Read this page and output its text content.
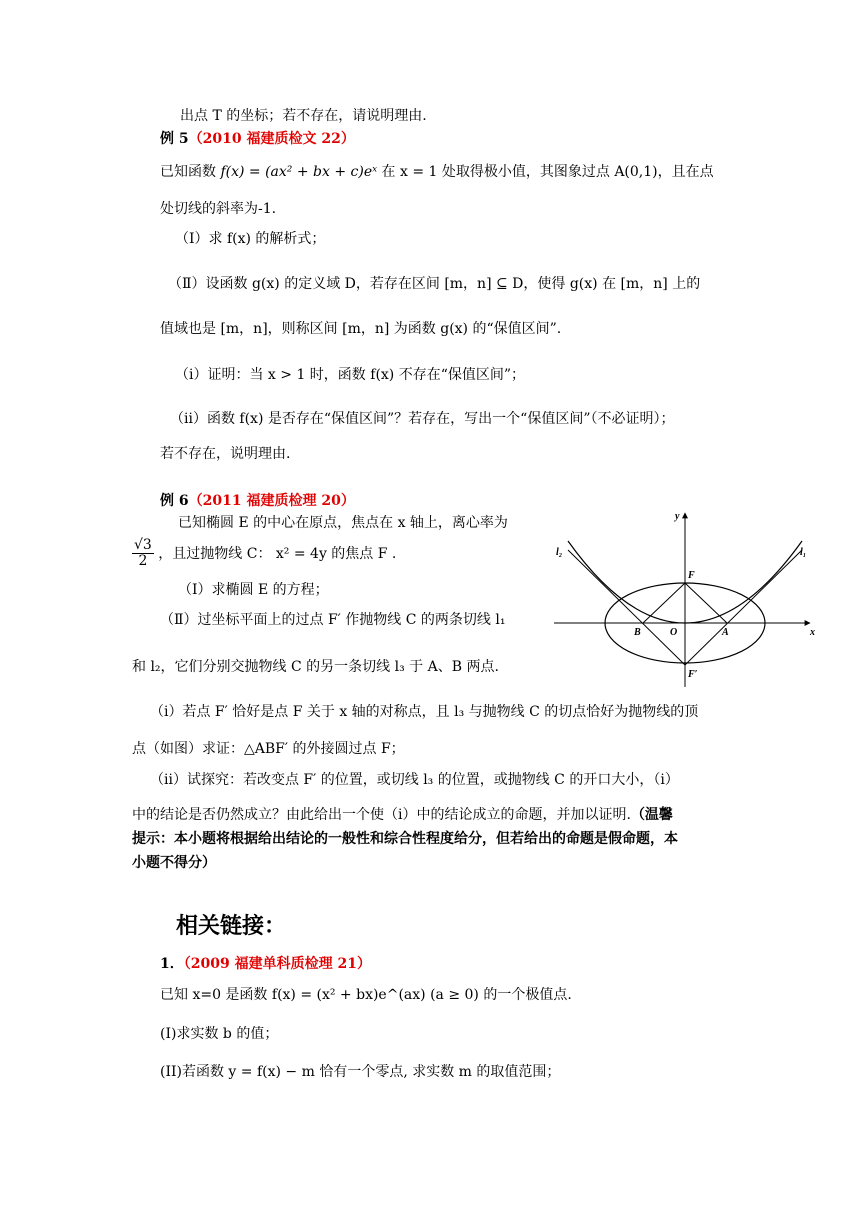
出点 T 的坐标；若不存在，请说明理由.
例 5（2010 福建质检文 22）
已知函数 f(x) = (ax² + bx + c)eˣ 在 x = 1 处取得极小值，其图象过点 A(0,1)，且在点
处切线的斜率为-1.
（Ⅰ）求 f(x) 的解析式；
（Ⅱ）设函数 g(x) 的定义域 D，若存在区间 [m，n] ⊆ D，使得 g(x) 在 [m，n] 上的
值域也是 [m，n]，则称区间 [m，n] 为函数 g(x) 的“保值区间”.
（ⅰ）证明：当 x > 1 时，函数 f(x) 不存在“保值区间”；
（ⅱ）函数 f(x) 是否存在“保值区间”？若存在，写出一个“保值区间”（不必证明）；
若不存在，说明理由.
例 6（2011 福建质检理 20）
已知椭圆 E 的中心在原点，焦点在 x 轴上，离心率为
$\frac{√3}{2}$ ，且过抛物线 C： x² = 4y 的焦点 F .
（Ⅰ）求椭圆 E 的方程；
（Ⅱ）过坐标平面上的过点 F′ 作抛物线 C 的两条切线 l₁
和 l₂，它们分别交抛物线 C 的另一条切线 l₃ 于 A、B 两点.
y
x
l₁
l₂
F
O	A
B
F′
（ⅰ）若点 F′ 恰好是点 F 关于 x 轴的对称点，且 l₃ 与抛物线 C 的切点恰好为抛物线的顶
点（如图）求证：△ABF′ 的外接圆过点 F；
（ⅱ）试探究：若改变点 F′ 的位置，或切线 l₃ 的位置，或抛物线 C 的开口大小，（ⅰ）
中的结论是否仍然成立？由此给出一个使（ⅰ）中的结论成立的命题，并加以证明.（温馨
提示：本小题将根据给出结论的一般性和综合性程度给分，但若给出的命题是假命题，本
小题不得分）
相关链接：
1．（2009 福建单科质检理 21）
已知 x=0 是函数 f(x) = (x² + bx)e^(ax) (a ≥ 0) 的一个极值点.
(I)求实数 b 的值；
(II)若函数 y = f(x) − m 恰有一个零点, 求实数 m 的取值范围；
